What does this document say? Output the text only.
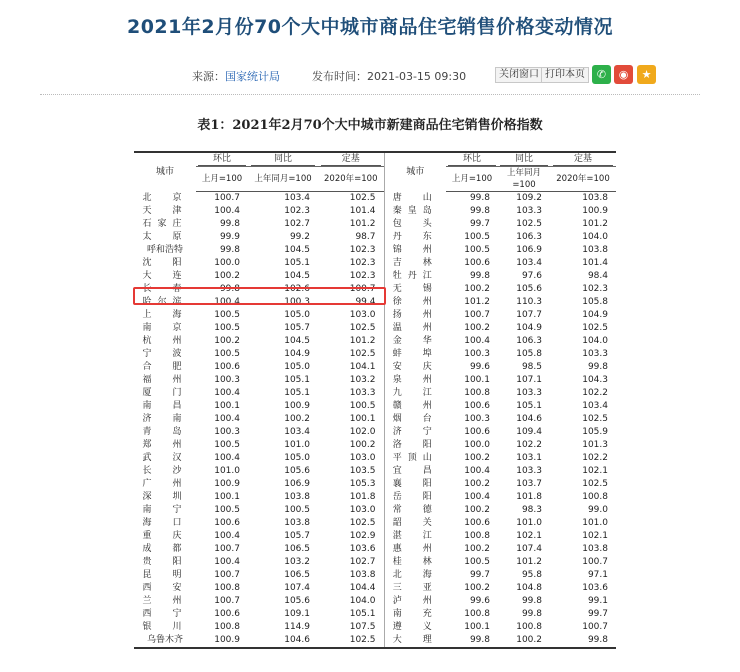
2021年2月份70个大中城市商品住宅销售价格变动情况
来源：国家统计局	发布时间：2021-03-15 09:30	关闭窗口 打印本页	✆	◉	★
表1：2021年2月70个大中城市新建商品住宅销售价格指数
城市	环比	同比	定基	城市	环比	同比	定基
	上月=100	上年同月=100	2020年=100		上月=100	上年同月=100	2020年=100
北　京	100.7	103.4	102.5	唐　山	99.8	109.2	103.8
天　津	100.4	102.3	101.4	秦皇岛	99.8	103.3	100.9
石家庄	99.8	102.7	101.2	包　头	99.7	102.5	101.2
太　原	99.9	99.2	98.7	丹　东	100.5	106.3	104.0
呼和浩特	99.8	104.5	102.3	锦　州	100.5	106.9	103.8
沈　阳	100.0	105.1	102.3	吉　林	100.6	103.4	101.4
大　连	100.2	104.5	102.3	牡丹江	99.8	97.6	98.4
长　春	99.8	102.6	100.7	无　锡	100.2	105.6	102.3
哈尔滨	100.4	100.3	99.4	徐　州	101.2	110.3	105.8
上　海	100.5	105.0	103.0	扬　州	100.7	107.7	104.9
南　京	100.5	105.7	102.5	温　州	100.2	104.9	102.5
杭　州	100.2	104.5	101.2	金　华	100.4	106.3	104.0
宁　波	100.5	104.9	102.5	蚌　埠	100.3	105.8	103.3
合　肥	100.6	105.0	104.1	安　庆	99.6	98.5	99.8
福　州	100.3	105.1	103.2	泉　州	100.1	107.1	104.3
厦　门	100.4	105.1	103.3	九　江	100.8	103.3	102.2
南　昌	100.1	100.9	100.5	赣　州	100.6	105.1	103.4
济　南	100.4	100.2	100.1	烟　台	100.3	104.6	102.5
青　岛	100.3	103.4	102.0	济　宁	100.6	109.4	105.9
郑　州	100.5	101.0	100.2	洛　阳	100.0	102.2	101.3
武　汉	100.4	105.0	103.0	平顶山	100.2	103.1	102.2
长　沙	101.0	105.6	103.5	宜　昌	100.4	103.3	102.1
广　州	100.9	106.9	105.3	襄　阳	100.2	103.7	102.5
深　圳	100.1	103.8	101.8	岳　阳	100.4	101.8	100.8
南　宁	100.5	100.5	103.0	常　德	100.2	98.3	99.0
海　口	100.6	103.8	102.5	韶　关	100.6	101.0	101.0
重　庆	100.4	105.7	102.9	湛　江	100.8	102.1	102.1
成　都	100.7	106.5	103.6	惠　州	100.2	107.4	103.8
贵　阳	100.4	103.2	102.7	桂　林	100.5	101.2	100.7
昆　明	100.7	106.5	103.8	北　海	99.7	95.8	97.1
西　安	100.8	107.4	104.4	三　亚	100.2	104.8	103.6
兰　州	100.7	105.6	104.0	泸　州	99.6	99.8	99.1
西　宁	100.6	109.1	105.1	南　充	100.8	99.8	99.7
银　川	100.8	114.9	107.5	遵　义	100.1	100.8	100.7
乌鲁木齐	100.9	104.6	102.5	大　理	99.8	100.2	99.8
